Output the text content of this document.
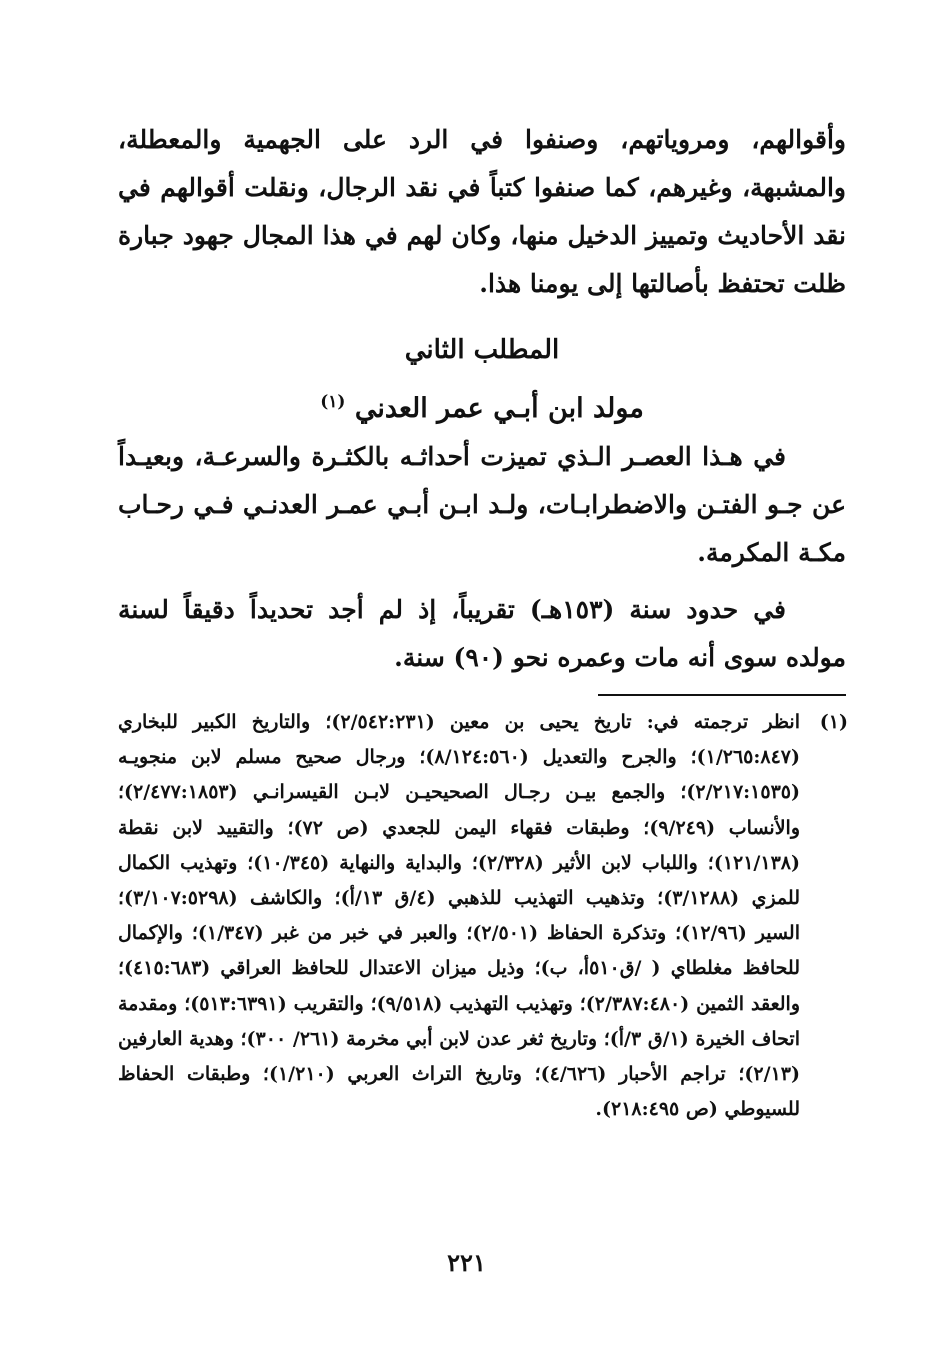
وأقوالهم، ومروياتهم، وصنفوا في الرد على الجهمية والمعطلة، والمشبهة، وغيرهم، كما صنفوا كتباً في نقد الرجال، ونقلت أقوالهم في نقد الأحاديث وتمييز الدخيل منها، وكان لهم في هذا المجال جهود جبارة ظلت تحتفظ بأصالتها إلى يومنا هذا.

المطلب الثاني
مولد ابن أبـي عمر العدني $^{(١)}$

في هـذا العصـر الـذي تميزت أحداثـه بالكثـرة والسرعـة، وبعيـداً عن جـو الفتـن والاضطرابـات، ولـد ابـن أبـي عمـر العدنـي فـي رحـاب مكـة المكرمة.

في حدود سنة (١٥٣هـ) تقريباً، إذ لم أجد تحديداً دقيقاً لسنة مولده سوى أنه مات وعمره نحو (٩٠) سنة.

(١)
انظر ترجمته في: تاريخ يحيى بن معين (٢/٥٤٢:٢٣١)؛ والتاريخ الكبير للبخاري (١/٢٦٥:٨٤٧)؛ والجرح والتعديل (٨/١٢٤:٥٦٠)؛ ورجال صحيح مسلم لابن منجويـه (٢/٢١٧:١٥٣٥)؛ والجمع بيـن رجـال الصحيحيـن لابـن القيسرانـي (٢/٤٧٧:١٨٥٣)؛ والأنساب (٩/٢٤٩)؛ وطبقات فقهاء اليمن للجعدي (ص ٧٢)؛ والتقييد لابن نقطة (١٢١/١٣٨)؛ واللباب لابن الأثير (٢/٣٢٨)؛ والبداية والنهاية (١٠/٣٤٥)؛ وتهذيب الكمال للمزي (٣/١٢٨٨)؛ وتذهيب التهذيب للذهبي (٤/ق ١٣/أ)؛ والكاشف (٣/١٠٧:٥٢٩٨)؛ السير (١٢/٩٦)؛ وتذكرة الحفاظ (٢/٥٠١)؛ والعبر في خبر من غبر (١/٣٤٧)؛ والإكمال للحافظ مغلطاي ( /ق٥١٠أ، ب)؛ وذيل ميزان الاعتدال للحافظ العراقي (٤١٥:٦٨٣)؛ والعقد الثمين (٢/٣٨٧:٤٨٠)؛ وتهذيب التهذيب (٩/٥١٨)؛ والتقريب (٥١٣:٦٣٩١)؛ ومقدمة اتحاف الخيرة (١/ق ٣/أ)؛ وتاريخ ثغر عدن لابن أبي مخرمة (٢٦١/ ٣٠٠)؛ وهدية العارفين (٢/١٣)؛ تراجم الأحبار (٤/٦٢٦)؛ وتاريخ التراث العربي (١/٢١٠)؛ وطبقات الحفاظ للسيوطي (ص ٢١٨:٤٩٥).
٢٢١
